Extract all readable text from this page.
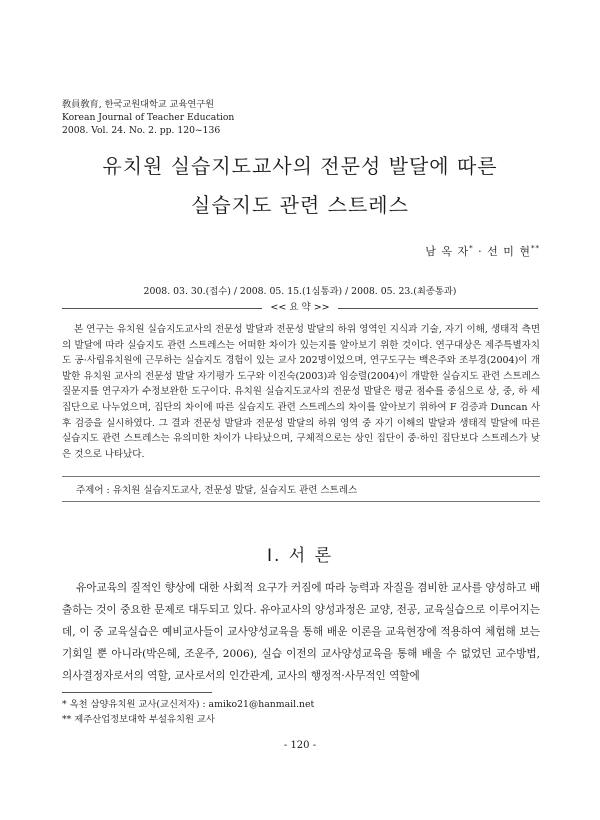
敎員敎育, 한국교원대학교 교육연구원
Korean Journal of Teacher Education
2008. Vol. 24. No. 2. pp. 120~136
유치원 실습지도교사의 전문성 발달에 따른
실습지도 관련 스트레스
남 옥 자* · 선 미 현**
2008. 03. 30.(접수) / 2008. 05. 15.(1심통과) / 2008. 05. 23.(최종통과)
<< 요 약 >>

본 연구는 유치원 실습지도교사의 전문성 발달과 전문성 발달의 하위 영역인 지식과 기술, 자기 이해, 생태적 측면의 발달에 따라 실습지도 관련 스트레스는 어떠한 차이가 있는지를 알아보기 위한 것이다. 연구대상은 제주특별자치도 공·사립유치원에 근무하는 실습지도 경험이 있는 교사 202명이었으며, 연구도구는 백은주와 조부경(2004)이 개발한 유치원 교사의 전문성 발달 자기평가 도구와 이진숙(2003)과 임승렬(2004)이 개발한 실습지도 관련 스트레스 질문지를 연구자가 수정보완한 도구이다. 유치원 실습지도교사의 전문성 발달은 평균 점수를 중심으로 상, 중, 하 세 집단으로 나누었으며, 집단의 차이에 따른 실습지도 관련 스트레스의 차이를 알아보기 위하여 F 검증과 Duncan 사후 검증을 실시하였다. 그 결과 전문성 발달과 전문성 발달의 하위 영역 중 자기 이해의 발달과 생태적 발달에 따른 실습지도 관련 스트레스는 유의미한 차이가 나타났으며, 구체적으로는 상인 집단이 중·하인 집단보다 스트레스가 낮은 것으로 나타났다.

주제어 : 유치원 실습지도교사, 전문성 발달, 실습지도 관련 스트레스
Ⅰ. 서 론

유아교육의 질적인 향상에 대한 사회적 요구가 커짐에 따라 능력과 자질을 겸비한 교사를 양성하고 배출하는 것이 중요한 문제로 대두되고 있다. 유아교사의 양성과정은 교양, 전공, 교육실습으로 이루어지는데, 이 중 교육실습은 예비교사들이 교사양성교육을 통해 배운 이론을 교육현장에 적용하여 체험해 보는 기회일 뿐 아니라(박은혜, 조운주, 2006), 실습 이전의 교사양성교육을 통해 배울 수 없었던 교수방법, 의사결정자로서의 역할, 교사로서의 인간관계, 교사의 행정적·사무적인 역할에

* 옥천 삼양유치원 교사(교신저자) : amiko21@hanmail.net
** 제주산업정보대학 부설유치원 교사
- 120 -
